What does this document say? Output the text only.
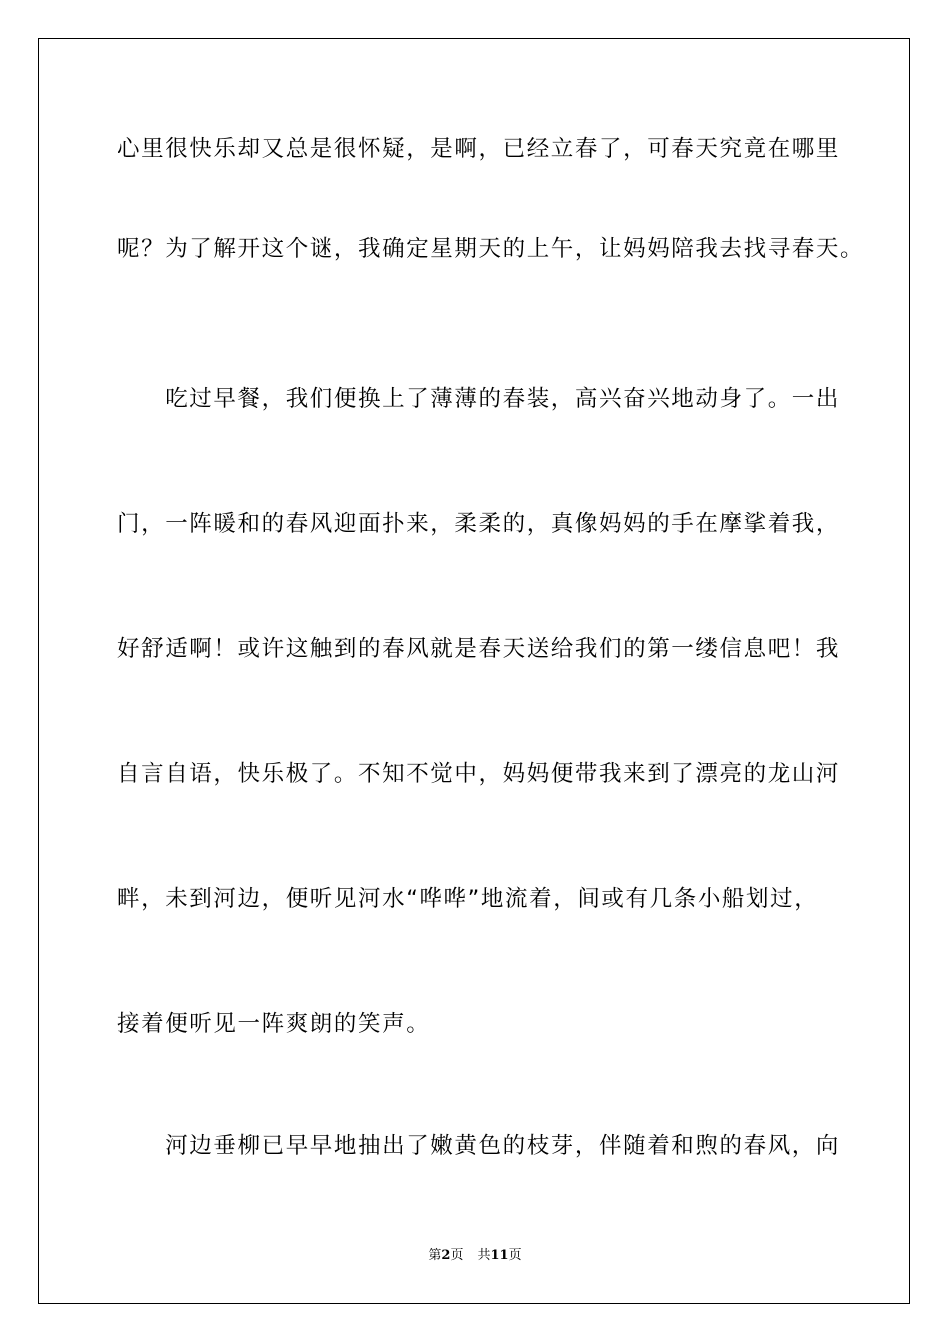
心里很快乐却又总是很怀疑，是啊，已经立春了，可春天究竟在哪里
呢？为了解开这个谜，我确定星期天的上午，让妈妈陪我去找寻春天。
　　吃过早餐，我们便换上了薄薄的春装，高兴奋兴地动身了。一出
门，一阵暖和的春风迎面扑来，柔柔的，真像妈妈的手在摩挲着我，
好舒适啊！或许这触到的春风就是春天送给我们的第一缕信息吧！我
自言自语，快乐极了。不知不觉中，妈妈便带我来到了漂亮的龙山河
畔，未到河边，便听见河水“哗哗”地流着，间或有几条小船划过，
接着便听见一阵爽朗的笑声。
　　河边垂柳已早早地抽出了嫩黄色的枝芽，伴随着和煦的春风，向
第2页 共11页
